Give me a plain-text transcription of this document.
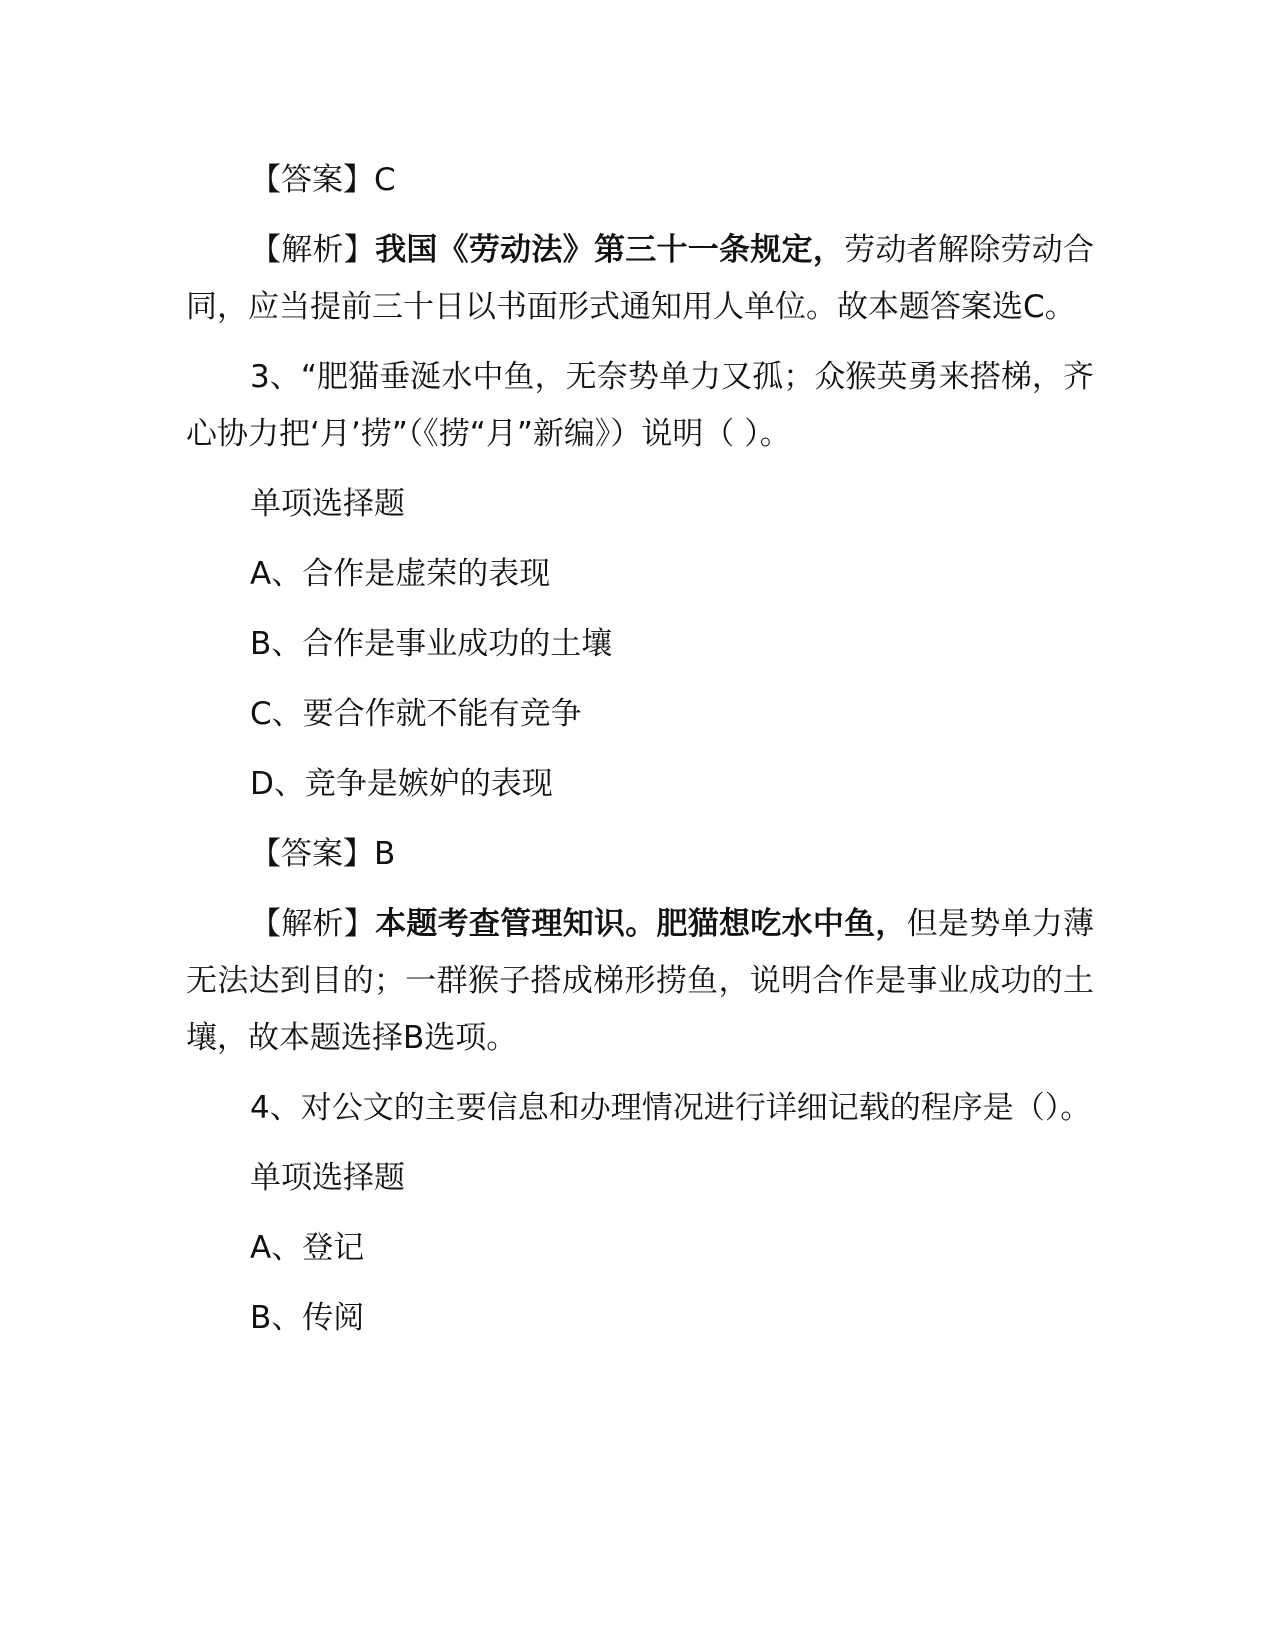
【答案】C

【解析】我国《劳动法》第三十一条规定，劳动者解除劳动合同，应当提前三十日以书面形式通知用人单位。故本题答案选C。

3、“肥猫垂涎水中鱼，无奈势单力又孤；众猴英勇来搭梯，齐心协力把‘月’捞”（《捞“月”新编》）说明（ ）。

单项选择题

A、合作是虚荣的表现

B、合作是事业成功的土壤

C、要合作就不能有竞争

D、竞争是嫉妒的表现

【答案】B

【解析】本题考查管理知识。肥猫想吃水中鱼，但是势单力薄无法达到目的；一群猴子搭成梯形捞鱼，说明合作是事业成功的土壤，故本题选择B选项。

4、对公文的主要信息和办理情况进行详细记载的程序是（）。

单项选择题

A、登记

B、传阅
